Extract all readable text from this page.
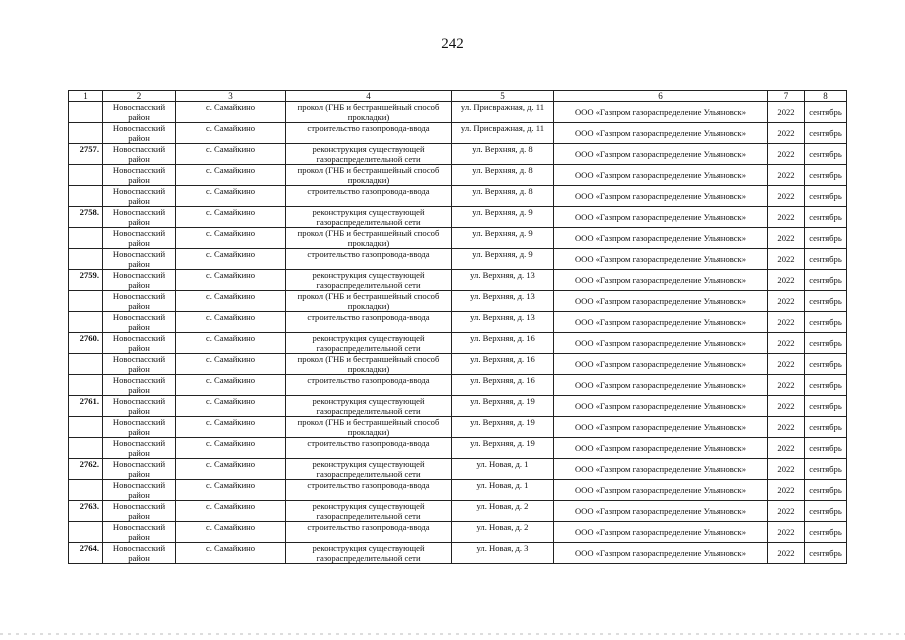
242
1	2	3	4	5	6	7	8
	Новоспасский район	с. Самайкино	прокол (ГНБ и бестраншейный способ прокладки)	ул. Присвражная, д. 11	ООО «Газпром газораспределение Ульяновск»	2022	сентябрь
	Новоспасский район	с. Самайкино	строительство газопровода-ввода	ул. Присвражная, д. 11	ООО «Газпром газораспределение Ульяновск»	2022	сентябрь
2757.	Новоспасский район	с. Самайкино	реконструкция существующей газораспределительной сети	ул. Верхняя, д. 8	ООО «Газпром газораспределение Ульяновск»	2022	сентябрь
	Новоспасский район	с. Самайкино	прокол (ГНБ и бестраншейный способ прокладки)	ул. Верхняя, д. 8	ООО «Газпром газораспределение Ульяновск»	2022	сентябрь
	Новоспасский район	с. Самайкино	строительство газопровода-ввода	ул. Верхняя, д. 8	ООО «Газпром газораспределение Ульяновск»	2022	сентябрь
2758.	Новоспасский район	с. Самайкино	реконструкция существующей газораспределительной сети	ул. Верхняя, д. 9	ООО «Газпром газораспределение Ульяновск»	2022	сентябрь
	Новоспасский район	с. Самайкино	прокол (ГНБ и бестраншейный способ прокладки)	ул. Верхняя, д. 9	ООО «Газпром газораспределение Ульяновск»	2022	сентябрь
	Новоспасский район	с. Самайкино	строительство газопровода-ввода	ул. Верхняя, д. 9	ООО «Газпром газораспределение Ульяновск»	2022	сентябрь
2759.	Новоспасский район	с. Самайкино	реконструкция существующей газораспределительной сети	ул. Верхняя, д. 13	ООО «Газпром газораспределение Ульяновск»	2022	сентябрь
	Новоспасский район	с. Самайкино	прокол (ГНБ и бестраншейный способ прокладки)	ул. Верхняя, д. 13	ООО «Газпром газораспределение Ульяновск»	2022	сентябрь
	Новоспасский район	с. Самайкино	строительство газопровода-ввода	ул. Верхняя, д. 13	ООО «Газпром газораспределение Ульяновск»	2022	сентябрь
2760.	Новоспасский район	с. Самайкино	реконструкция существующей газораспределительной сети	ул. Верхняя, д. 16	ООО «Газпром газораспределение Ульяновск»	2022	сентябрь
	Новоспасский район	с. Самайкино	прокол (ГНБ и бестраншейный способ прокладки)	ул. Верхняя, д. 16	ООО «Газпром газораспределение Ульяновск»	2022	сентябрь
	Новоспасский район	с. Самайкино	строительство газопровода-ввода	ул. Верхняя, д. 16	ООО «Газпром газораспределение Ульяновск»	2022	сентябрь
2761.	Новоспасский район	с. Самайкино	реконструкция существующей газораспределительной сети	ул. Верхняя, д. 19	ООО «Газпром газораспределение Ульяновск»	2022	сентябрь
	Новоспасский район	с. Самайкино	прокол (ГНБ и бестраншейный способ прокладки)	ул. Верхняя, д. 19	ООО «Газпром газораспределение Ульяновск»	2022	сентябрь
	Новоспасский район	с. Самайкино	строительство газопровода-ввода	ул. Верхняя, д. 19	ООО «Газпром газораспределение Ульяновск»	2022	сентябрь
2762.	Новоспасский район	с. Самайкино	реконструкция существующей газораспределительной сети	ул. Новая, д. 1	ООО «Газпром газораспределение Ульяновск»	2022	сентябрь
	Новоспасский район	с. Самайкино	строительство газопровода-ввода	ул. Новая, д. 1	ООО «Газпром газораспределение Ульяновск»	2022	сентябрь
2763.	Новоспасский район	с. Самайкино	реконструкция существующей газораспределительной сети	ул. Новая, д. 2	ООО «Газпром газораспределение Ульяновск»	2022	сентябрь
	Новоспасский район	с. Самайкино	строительство газопровода-ввода	ул. Новая, д. 2	ООО «Газпром газораспределение Ульяновск»	2022	сентябрь
2764.	Новоспасский район	с. Самайкино	реконструкция существующей газораспределительной сети	ул. Новая, д. 3	ООО «Газпром газораспределение Ульяновск»	2022	сентябрь
